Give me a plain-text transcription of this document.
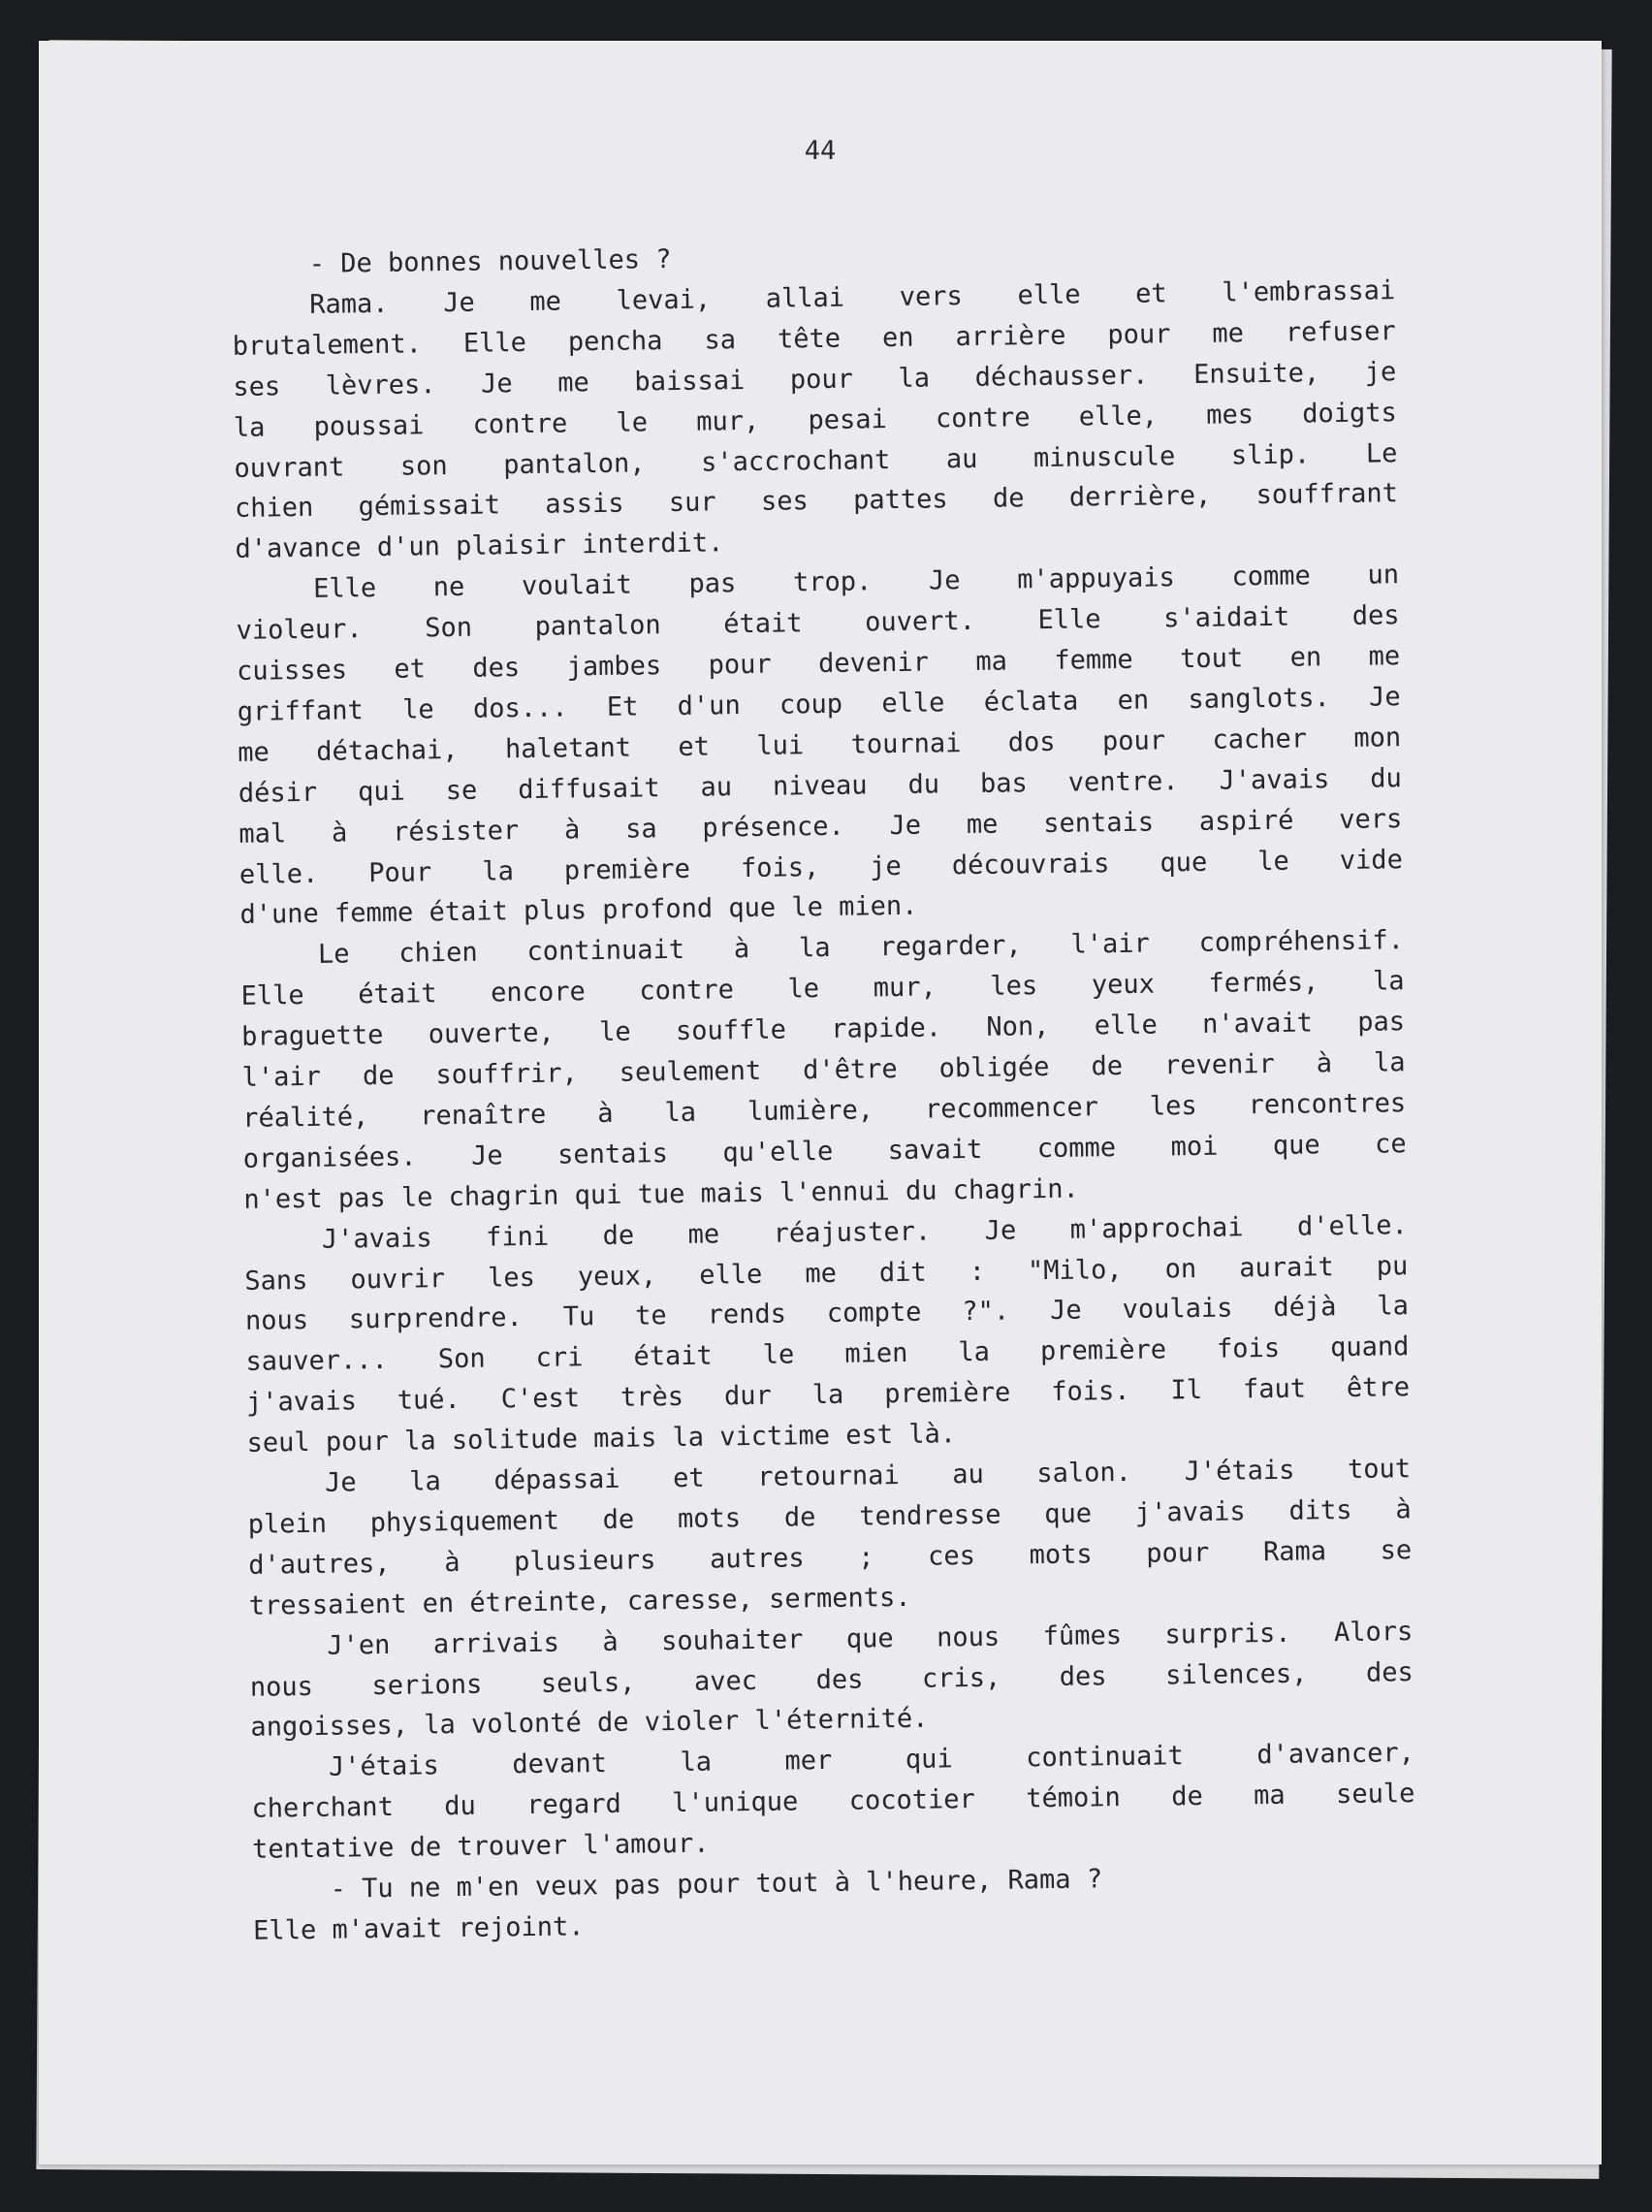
44
- De bonnes nouvelles ?
Rama. Je me levai, allai vers elle et l'embrassai
brutalement. Elle pencha sa tête en arrière pour me refuser
ses lèvres. Je me baissai pour la déchausser. Ensuite, je
la poussai contre le mur, pesai contre elle, mes doigts
ouvrant son pantalon, s'accrochant au minuscule slip. Le
chien gémissait assis sur ses pattes de derrière, souffrant
d'avance d'un plaisir interdit.
Elle ne voulait pas trop. Je m'appuyais comme un
violeur. Son pantalon était ouvert. Elle s'aidait des
cuisses et des jambes pour devenir ma femme tout en me
griffant le dos... Et d'un coup elle éclata en sanglots. Je
me détachai, haletant et lui tournai dos pour cacher mon
désir qui se diffusait au niveau du bas ventre. J'avais du
mal à résister à sa présence. Je me sentais aspiré vers
elle. Pour la première fois, je découvrais que le vide
d'une femme était plus profond que le mien.
Le chien continuait à la regarder, l'air compréhensif.
Elle était encore contre le mur, les yeux fermés, la
braguette ouverte, le souffle rapide. Non, elle n'avait pas
l'air de souffrir, seulement d'être obligée de revenir à la
réalité, renaître à la lumière, recommencer les rencontres
organisées. Je sentais qu'elle savait comme moi que ce
n'est pas le chagrin qui tue mais l'ennui du chagrin.
J'avais fini de me réajuster. Je m'approchai d'elle.
Sans ouvrir les yeux, elle me dit : "Milo, on aurait pu
nous surprendre. Tu te rends compte ?". Je voulais déjà la
sauver... Son cri était le mien la première fois quand
j'avais tué. C'est très dur la première fois. Il faut être
seul pour la solitude mais la victime est là.
Je la dépassai et retournai au salon. J'étais tout
plein physiquement de mots de tendresse que j'avais dits à
d'autres, à plusieurs autres ; ces mots pour Rama se
tressaient en étreinte, caresse, serments.
J'en arrivais à souhaiter que nous fûmes surpris. Alors
nous serions seuls, avec des cris, des silences, des
angoisses, la volonté de violer l'éternité.
J'étais devant la mer qui continuait d'avancer,
cherchant du regard l'unique cocotier témoin de ma seule
tentative de trouver l'amour.
- Tu ne m'en veux pas pour tout à l'heure, Rama ?
Elle m'avait rejoint.
